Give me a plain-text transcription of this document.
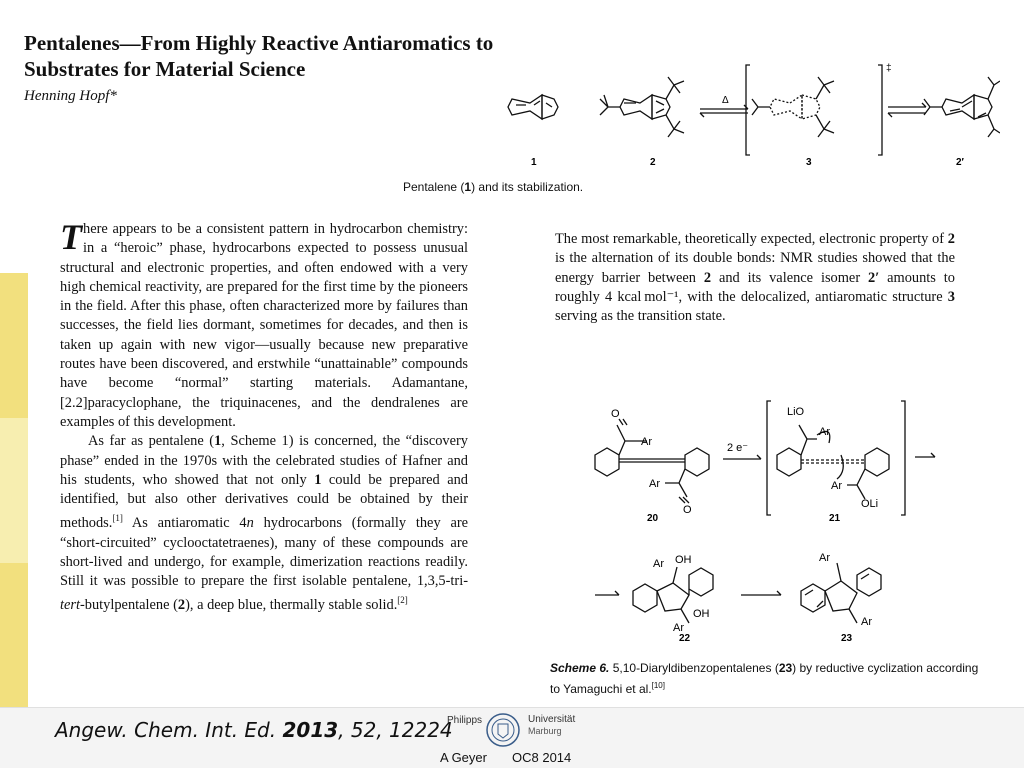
Pentalenes—From Highly Reactive Antiaromatics to Substrates for Material Science
Henning Hopf*	Δ
‡
1	2	3	2′
Pentalene (1) and its stabilization.
There appears to be a consistent pattern in hydrocarbon chemistry: in a “heroic” phase, hydrocarbons expected to possess unusual structural and electronic properties, and often endowed with a very high chemical reactivity, are prepared for the first time by the pioneers in the field. After this phase, often characterized more by failures than successes, the field lies dormant, sometimes for decades, and then is taken up again with new vigor—usually because new preparative routes have been discovered, and erstwhile “unattainable” compounds have become “normal” starting materials. Adamantane, [2.2]paracyclophane, the triquinacenes, and the dendralenes are examples of this development.
As far as pentalene (1, Scheme 1) is concerned, the “discovery phase” ended in the 1970s with the celebrated studies of Hafner and his students, who showed that not only 1 could be prepared and identified, but also other derivatives could be obtained by their methods.[1] As antiaromatic 4n hydrocarbons (formally they are “short-circuited” cyclooctatetraenes), many of these compounds are short-lived and undergo, for example, dimerization reactions readily. Still it was possible to prepare the first isolable pentalene, 1,3,5-tri-tert-butylpentalene (2), a deep blue, thermally stable solid.[2]
The most remarkable, theoretically expected, electronic property of 2 is the alternation of its double bonds: NMR studies showed that the energy barrier between 2 and its valence isomer 2′ amounts to roughly 4 kcal mol⁻¹, with the delocalized, antiaromatic structure 3 serving as the transition state.
O
Ar
Ar
O
2 e⁻
LiO
Ar
Ar
OLi
Ar OH
OH
Ar
Ar
Ar
20	21
22	23
Scheme 6. 5,10-Diaryldibenzopentalenes (23) by reductive cyclization according to Yamaguchi et al.[10]
Angew. Chem. Int. Ed. 2013, 52, 12224
Philipps	Universität
Marburg
A Geyer OC8 2014
